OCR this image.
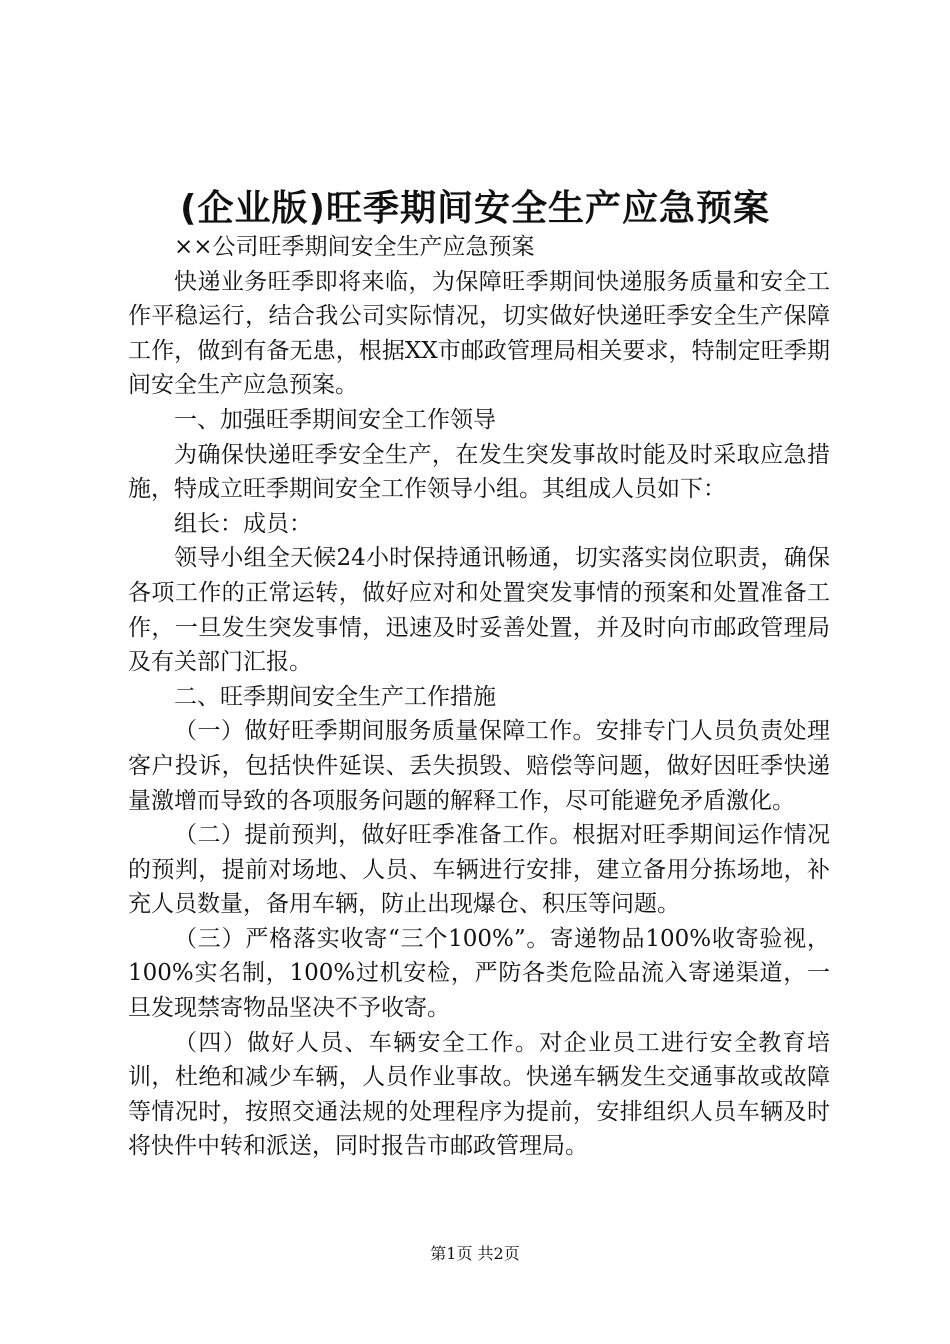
(企业版)旺季期间安全生产应急预案

××公司旺季期间安全生产应急预案

快递业务旺季即将来临，为保障旺季期间快递服务质量和安全工作平稳运行，结合我公司实际情况，切实做好快递旺季安全生产保障工作，做到有备无患，根据XX市邮政管理局相关要求，特制定旺季期间安全生产应急预案。

一、加强旺季期间安全工作领导

为确保快递旺季安全生产，在发生突发事故时能及时采取应急措施，特成立旺季期间安全工作领导小组。其组成人员如下：

组长：成员：

领导小组全天候24小时保持通讯畅通，切实落实岗位职责，确保各项工作的正常运转，做好应对和处置突发事情的预案和处置准备工作，一旦发生突发事情，迅速及时妥善处置，并及时向市邮政管理局及有关部门汇报。

二、旺季期间安全生产工作措施

（一）做好旺季期间服务质量保障工作。安排专门人员负责处理客户投诉，包括快件延误、丢失损毁、赔偿等问题，做好因旺季快递量激增而导致的各项服务问题的解释工作，尽可能避免矛盾激化。

（二）提前预判，做好旺季准备工作。根据对旺季期间运作情况的预判，提前对场地、人员、车辆进行安排，建立备用分拣场地，补充人员数量，备用车辆，防止出现爆仓、积压等问题。

（三）严格落实收寄“三个100%”。寄递物品100%收寄验视，100%实名制，100%过机安检，严防各类危险品流入寄递渠道，一旦发现禁寄物品坚决不予收寄。

（四）做好人员、车辆安全工作。对企业员工进行安全教育培训，杜绝和减少车辆，人员作业事故。快递车辆发生交通事故或故障等情况时，按照交通法规的处理程序为提前，安排组织人员车辆及时将快件中转和派送，同时报告市邮政管理局。

第1页 共2页
